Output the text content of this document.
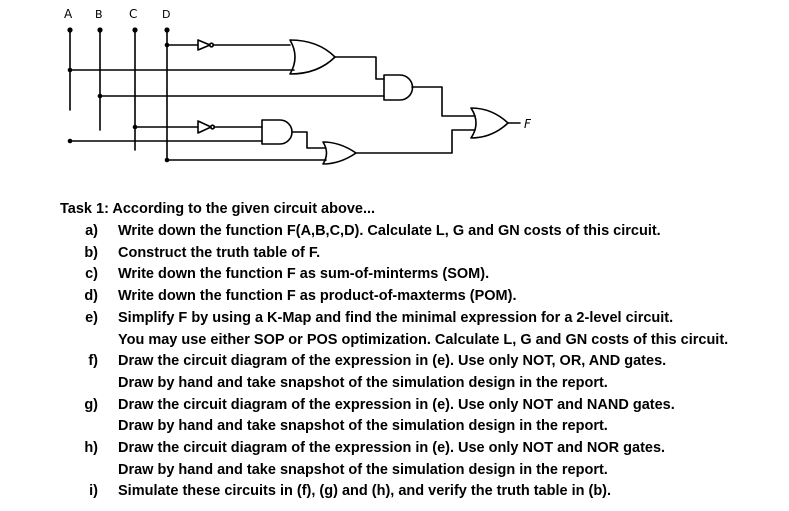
A B C D
F
Task 1: According to the given circuit above...
a)	Write down the function F(A,B,C,D). Calculate L, G and GN costs of this circuit.
b)	Construct the truth table of F.
c)	Write down the function F as sum-of-minterms (SOM).
d)	Write down the function F as product-of-maxterms (POM).
e)	Simplify F by using a K-Map and find the minimal expression for a 2-level circuit.
You may use either SOP or POS optimization. Calculate L, G and GN costs of this circuit.
f)	Draw the circuit diagram of the expression in (e). Use only NOT, OR, AND gates.
Draw by hand and take snapshot of the simulation design in the report.
g)	Draw the circuit diagram of the expression in (e). Use only NOT and NAND gates.
Draw by hand and take snapshot of the simulation design in the report.
h)	Draw the circuit diagram of the expression in (e). Use only NOT and NOR gates.
Draw by hand and take snapshot of the simulation design in the report.
i)	Simulate these circuits in (f), (g) and (h), and verify the truth table in (b).
